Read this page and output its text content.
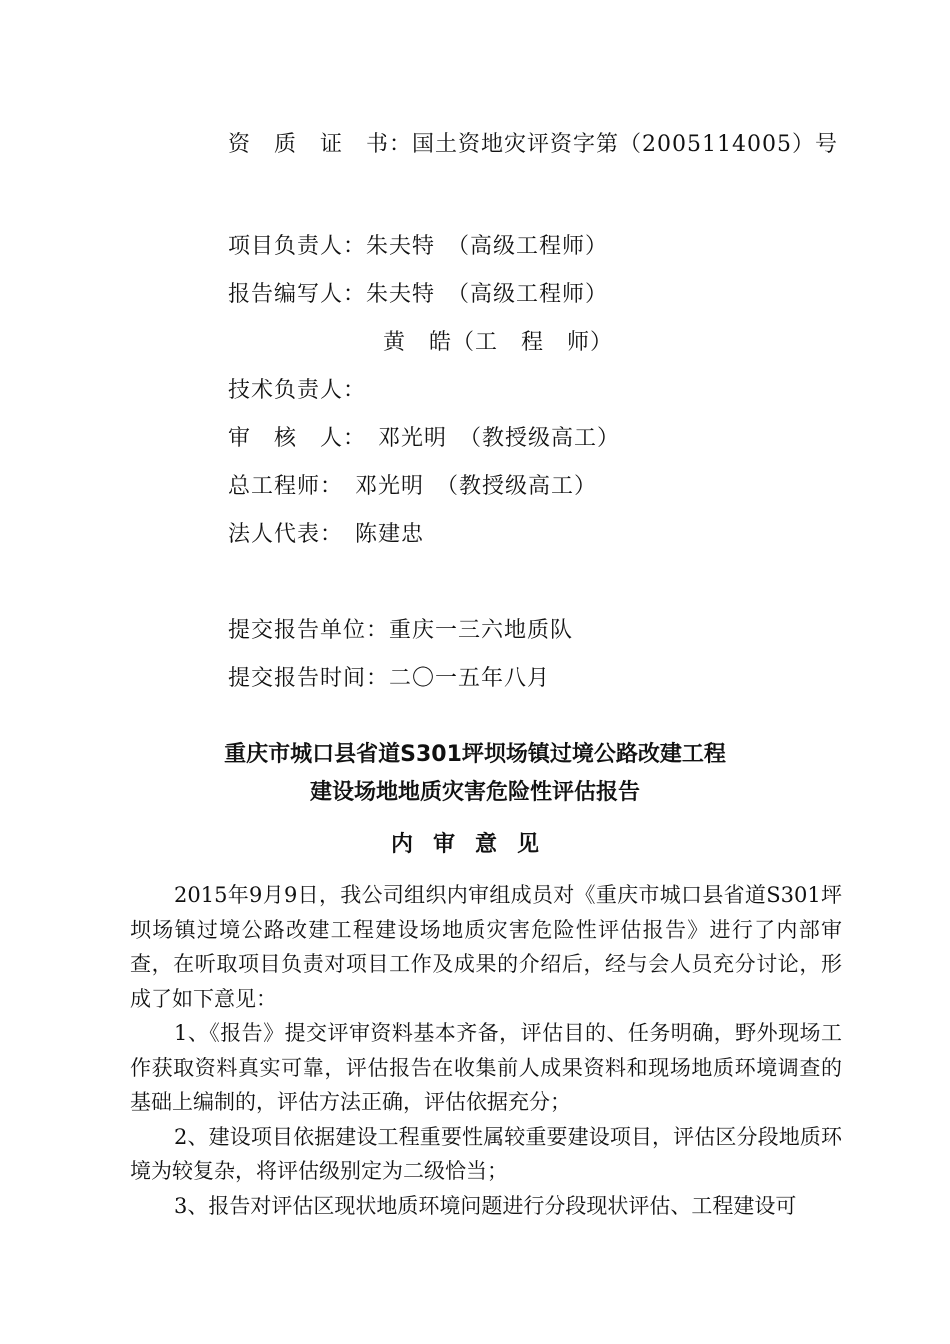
资　质　证　书：国土资地灾评资字第（2005114005）号
项目负责人：朱夫特　（高级工程师）
报告编写人：朱夫特　（高级工程师）
黄　皓（工　程　师）
技术负责人：
审　核　人：　邓光明　（教授级高工）
总工程师：　邓光明　（教授级高工）
法人代表：　陈建忠
提交报告单位：重庆一三六地质队
提交报告时间：二〇一五年八月
重庆市城口县省道S301坪坝场镇过境公路改建工程
建设场地地质灾害危险性评估报告
内审意见

2015年9月9日，我公司组织内审组成员对《重庆市城口县省道S301坪坝场镇过境公路改建工程建设场地质灾害危险性评估报告》进行了内部审查，在听取项目负责对项目工作及成果的介绍后，经与会人员充分讨论，形成了如下意见：

1、《报告》提交评审资料基本齐备，评估目的、任务明确，野外现场工作获取资料真实可靠，评估报告在收集前人成果资料和现场地质环境调查的基础上编制的，评估方法正确，评估依据充分；

2、建设项目依据建设工程重要性属较重要建设项目，评估区分段地质环境为较复杂，将评估级别定为二级恰当；

3、报告对评估区现状地质环境问题进行分段现状评估、工程建设可
